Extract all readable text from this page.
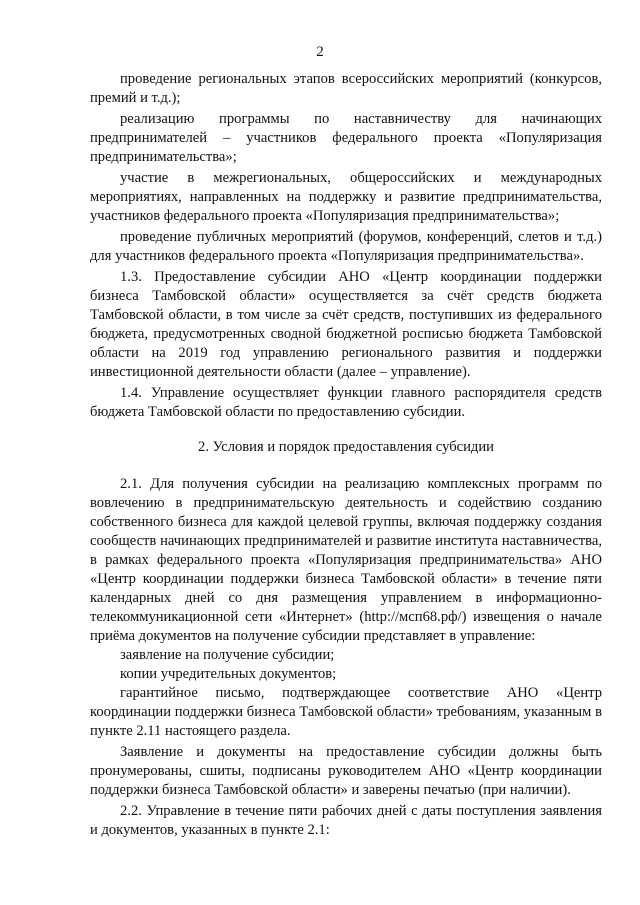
2

проведение региональных этапов всероссийских мероприятий (конкурсов, премий и т.д.);

реализацию программы по наставничеству для начинающих предпринимателей – участников федерального проекта «Популяризация предпринимательства»;

участие в межрегиональных, общероссийских и международных мероприятиях, направленных на поддержку и развитие предпринимательства, участников федерального проекта «Популяризация предпринимательства»;

проведение публичных мероприятий (форумов, конференций, слетов и т.д.) для участников федерального проекта «Популяризация предпринимательства».

1.3. Предоставление субсидии АНО «Центр координации поддержки бизнеса Тамбовской области» осуществляется за счёт средств бюджета Тамбовской области, в том числе за счёт средств, поступивших из федерального бюджета, предусмотренных сводной бюджетной росписью бюджета Тамбовской области на 2019 год управлению регионального развития и поддержки инвестиционной деятельности области (далее – управление).

1.4. Управление осуществляет функции главного распорядителя средств бюджета Тамбовской области по предоставлению субсидии.

2. Условия и порядок предоставления субсидии

2.1. Для получения субсидии на реализацию комплексных программ по вовлечению в предпринимательскую деятельность и содействию созданию собственного бизнеса для каждой целевой группы, включая поддержку создания сообществ начинающих предпринимателей и развитие института наставничества, в рамках федерального проекта «Популяризация предпринимательства» АНО «Центр координации поддержки бизнеса Тамбовской области» в течение пяти календарных дней со дня размещения управлением в информационно-телекоммуникационной сети «Интернет» (http://мсп68.рф/) извещения о начале приёма документов на получение субсидии представляет в управление:

заявление на получение субсидии;

копии учредительных документов;

гарантийное письмо, подтверждающее соответствие АНО «Центр координации поддержки бизнеса Тамбовской области» требованиям, указанным в пункте 2.11 настоящего раздела.

Заявление и документы на предоставление субсидии должны быть пронумерованы, сшиты, подписаны руководителем АНО «Центр координации поддержки бизнеса Тамбовской области» и заверены печатью (при наличии).

2.2. Управление в течение пяти рабочих дней с даты поступления заявления и документов, указанных в пункте 2.1:
